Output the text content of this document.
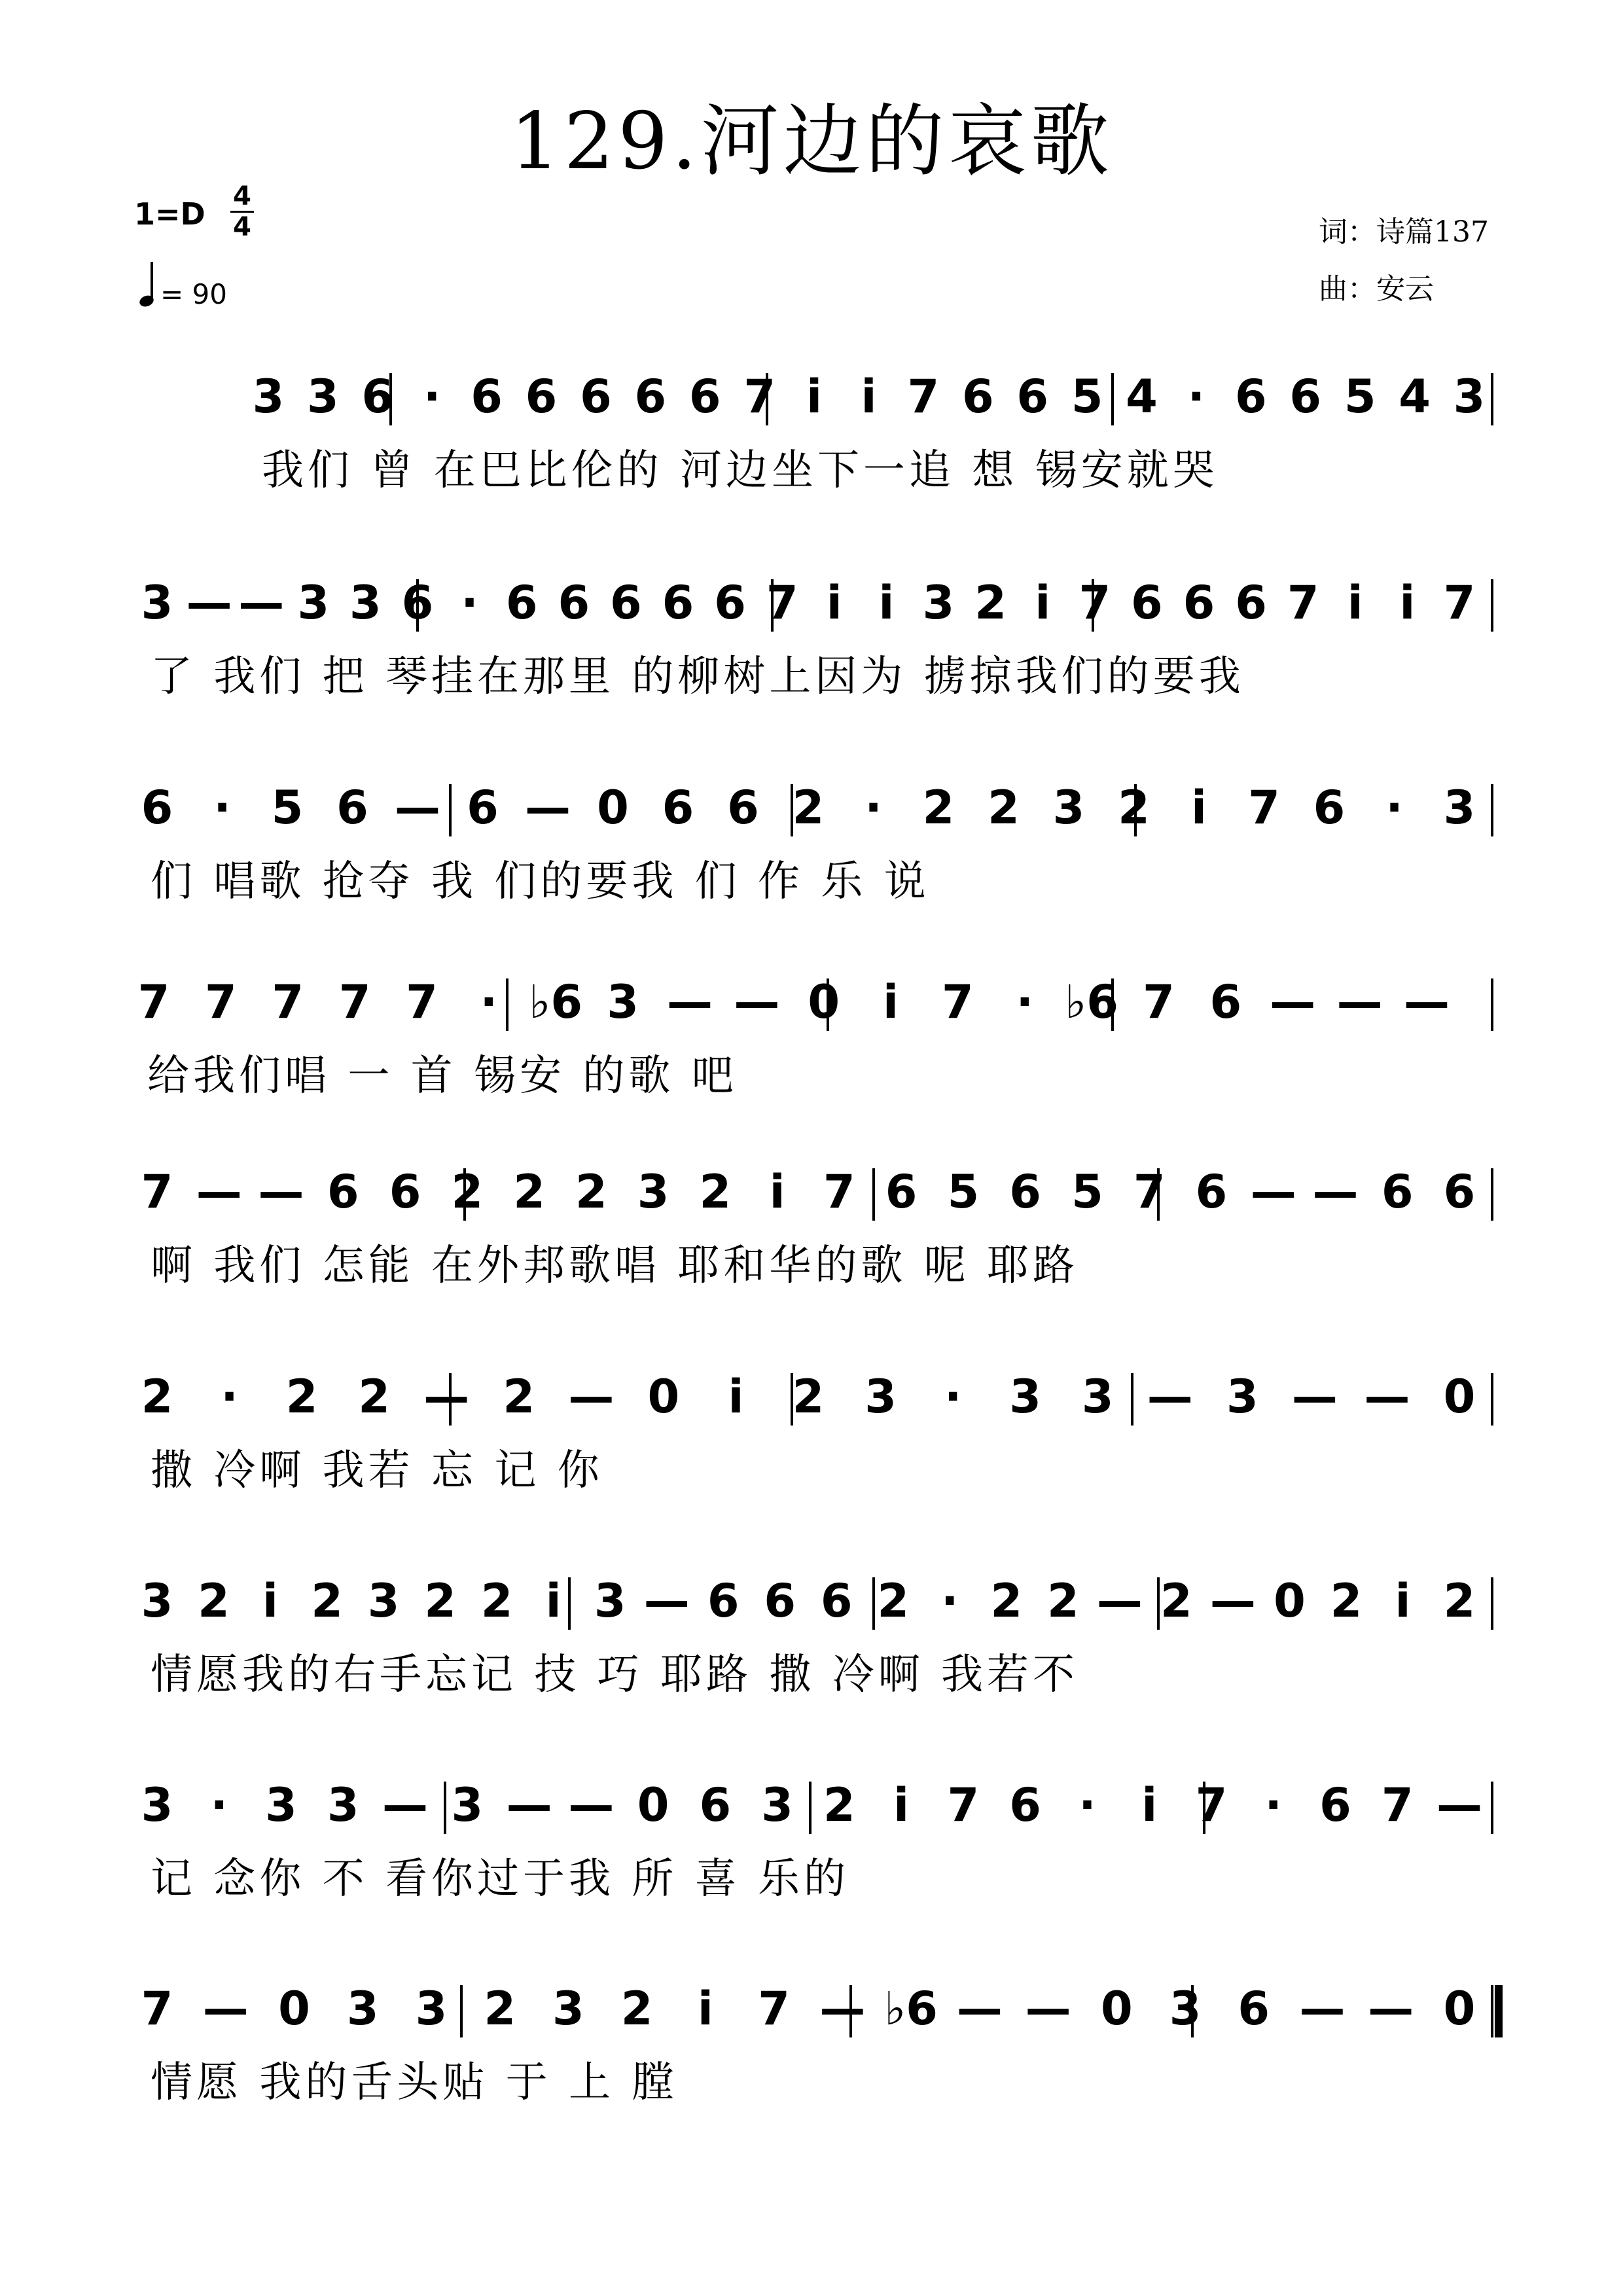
129.河边的哀歌
1=D 4
4
= 90
词：诗篇137
曲：安云
3 3 6 · 6 6 6 6 6 7 i i 7 6 6 5 4 · 6 6 5 4 3
我们 曾 在巴比伦的 河边坐下一追 想 锡安就哭
3 — — 3 3 6 · 6 6 6 6 6 7 i i 3 2 i 7 6 6 6 7 i i 7
了 我们 把 琴挂在那里 的柳树上因为 掳掠我们的要我
6 · 5 6 — 6 — 0 6 6 2 · 2 2 3 2 i 7 6 · 3
们 唱歌 抢夺 我 们的要我 们 作 乐 说
7 7 7 7 7 · ♭6 3 — — 0 i 7 · ♭6 7 6 — — —
给我们唱 一 首 锡安 的歌 吧
7 — — 6 6 2 2 2 3 2 i 7 6 5 6 5 7 6 — — 6 6
啊 我们 怎能 在外邦歌唱 耶和华的歌 呢 耶路
2 · 2 2 — 2 — 0 i 2 3 · 3 3 — 3 — — 0
撒 冷啊 我若 忘 记 你
3 2 i 2 3 2 2 i 3 — 6 6 6 2 · 2 2 — 2 — 0 2 i 2
情愿我的右手忘记 技 巧 耶路 撒 冷啊 我若不
3 · 3 3 — 3 — — 0 6 3 2 i 7 6 · i 7 · 6 7 —
记 念你 不 看你过于我 所 喜 乐的
7 — 0 3 3 2 3 2 i 7 — ♭6 — — 0 3 6 — — 0
情愿 我的舌头贴 于 上 膛
